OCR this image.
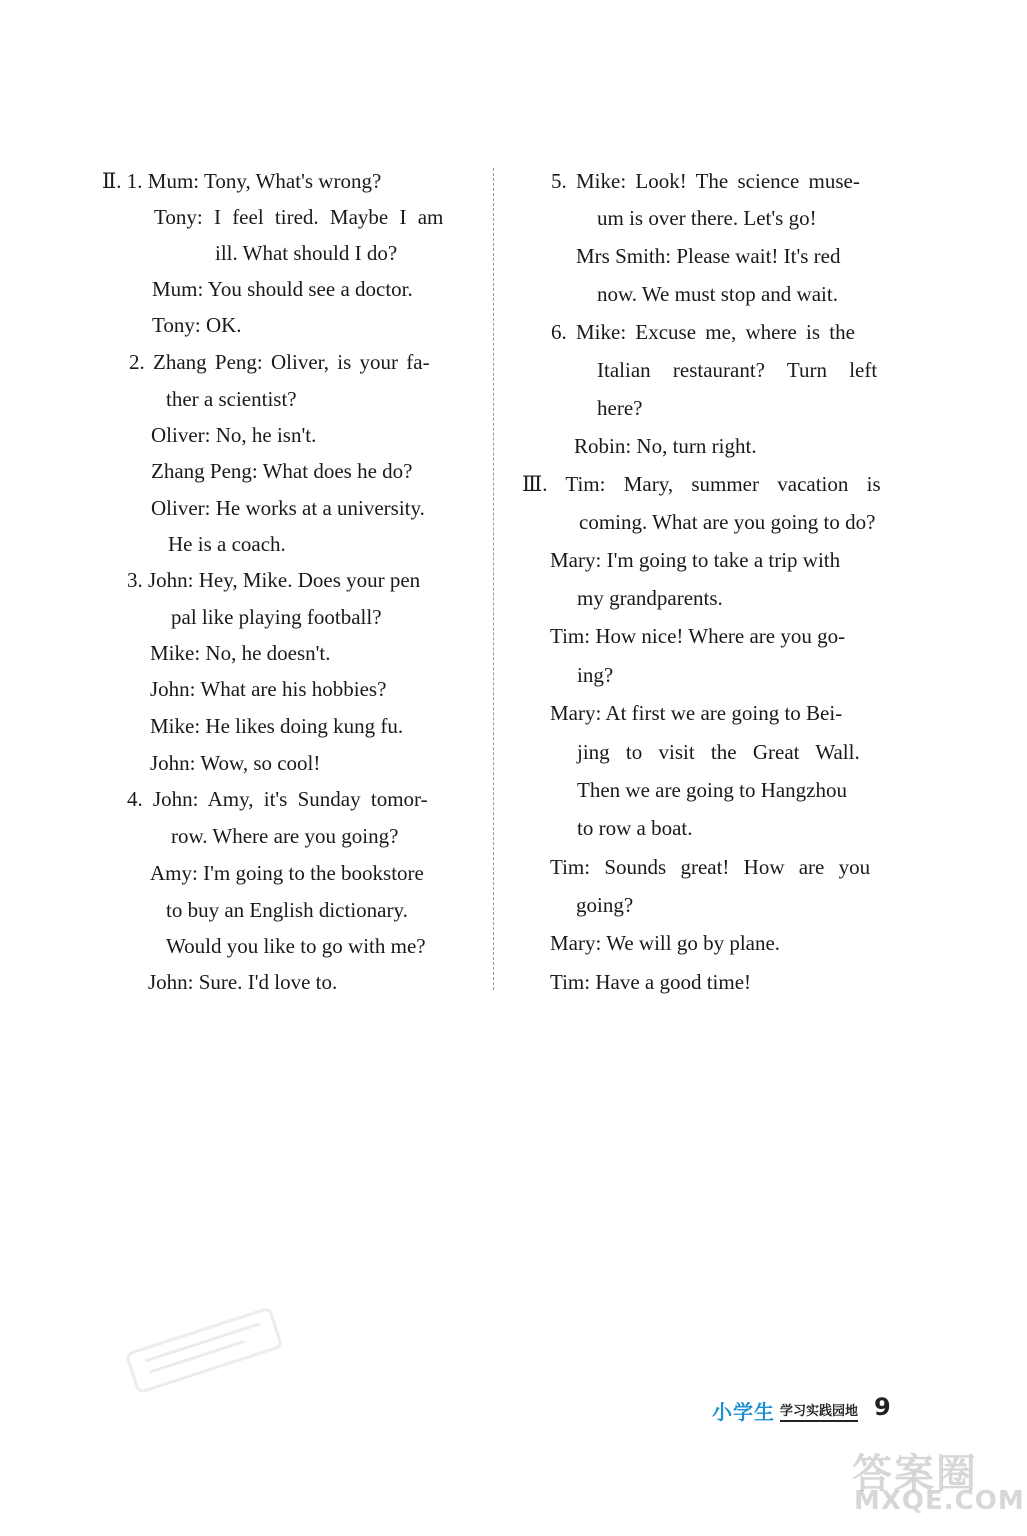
Ⅱ. 1. Mum: Tony, What's wrong?
Tony: I feel tired. Maybe I am
ill. What should I do?
Mum: You should see a doctor.
Tony: OK.
2. Zhang Peng: Oliver, is your fa-
ther a scientist?
Oliver: No, he isn't.
Zhang Peng: What does he do?
Oliver: He works at a university.
He is a coach.
3. John: Hey, Mike. Does your pen
pal like playing football?
Mike: No, he doesn't.
John: What are his hobbies?
Mike: He likes doing kung fu.
John: Wow, so cool!
4. John: Amy, it's Sunday tomor-
row. Where are you going?
Amy: I'm going to the bookstore
to buy an English dictionary.
Would you like to go with me?
John: Sure. I'd love to.
5. Mike: Look! The science muse-
um is over there. Let's go!
Mrs Smith: Please wait! It's red
now. We must stop and wait.
6. Mike: Excuse me, where is the
Italian restaurant? Turn left
here?
Robin: No, turn right.
Ⅲ. Tim: Mary, summer vacation is
coming. What are you going to do?
Mary: I'm going to take a trip with
my grandparents.
Tim: How nice! Where are you go-
ing?
Mary: At first we are going to Bei-
jing to visit the Great Wall.
Then we are going to Hangzhou
to row a boat.
Tim: Sounds great! How are you
going?
Mary: We will go by plane.
Tim: Have a good time!
小学生 学习实践园地 9
答案圈
MXQE.COM
